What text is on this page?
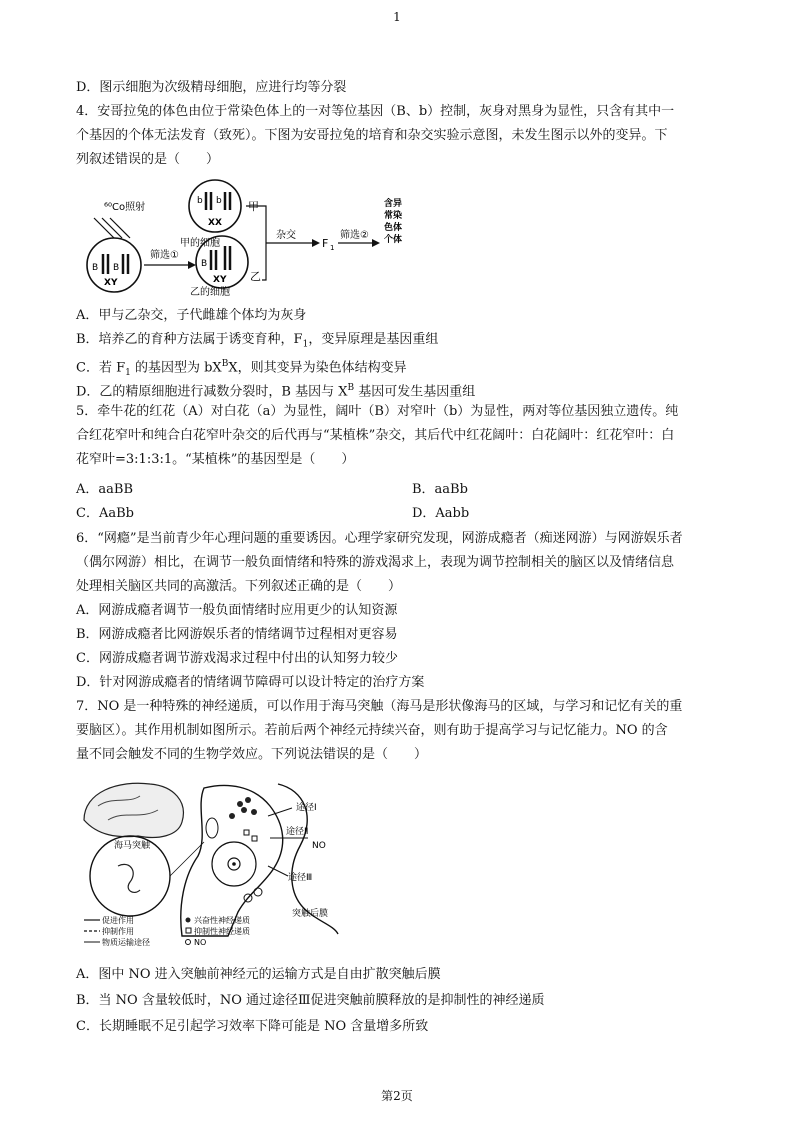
1
D．图示细胞为次级精母细胞，应进行均等分裂
4．安哥拉兔的体色由位于常染色体上的一对等位基因（B、b）控制，灰身对黑身为显性，只含有其中一
个基因的个体无法发育（致死）。下图为安哥拉兔的培育和杂交实验示意图，未发生图示以外的变异。下
列叙述错误的是（　　）
⁶⁰Co照射
B B
XY
b b
XX
甲
甲的细胞
筛选①
B
XY
乙的细胞
乙
杂交
F 1
筛选②
含异
常染
色体
个体
A．甲与乙杂交，子代雌雄个体均为灰身
B．培养乙的育种方法属于诱变育种，$F_1$，变异原理是基因重组
C．若 $F_1$ 的基因型为 $bX^BX$，则其变异为染色体结构变异
D．乙的精原细胞进行减数分裂时，B 基因与 $X^B$ 基因可发生基因重组
5．牵牛花的红花（A）对白花（a）为显性，阔叶（B）对窄叶（b）为显性，两对等位基因独立遗传。纯
合红花窄叶和纯合白花窄叶杂交的后代再与“某植株”杂交，其后代中红花阔叶：白花阔叶：红花窄叶：白
花窄叶=3:1:3:1。“某植株”的基因型是（　　）
A．aaBB	B．aaBb
C．AaBb	D．Aabb
6．“网瘾”是当前青少年心理问题的重要诱因。心理学家研究发现，网游成瘾者（痴迷网游）与网游娱乐者
（偶尔网游）相比，在调节一般负面情绪和特殊的游戏渴求上，表现为调节控制相关的脑区以及情绪信息
处理相关脑区共同的高激活。下列叙述正确的是（　　）
A．网游成瘾者调节一般负面情绪时应用更少的认知资源
B．网游成瘾者比网游娱乐者的情绪调节过程相对更容易
C．网游成瘾者调节游戏渴求过程中付出的认知努力较少
D．针对网游成瘾者的情绪调节障碍可以设计特定的治疗方案
7．NO 是一种特殊的神经递质，可以作用于海马突触（海马是形状像海马的区域，与学习和记忆有关的重
要脑区）。其作用机制如图所示。若前后两个神经元持续兴奋，则有助于提高学习与记忆能力。NO 的含
量不同会触发不同的生物学效应。下列说法错误的是（　　）
海马突触
途径Ⅰ
途径Ⅱ
NO
途径Ⅲ
突触后膜
促进作用
抑制作用
物质运输途径
兴奋性神经递质
抑制性神经递质
NO
A．图中 NO 进入突触前神经元的运输方式是自由扩散突触后膜
B．当 NO 含量较低时，NO 通过途径Ⅲ促进突触前膜释放的是抑制性的神经递质
C．长期睡眠不足引起学习效率下降可能是 NO 含量增多所致
第2页
